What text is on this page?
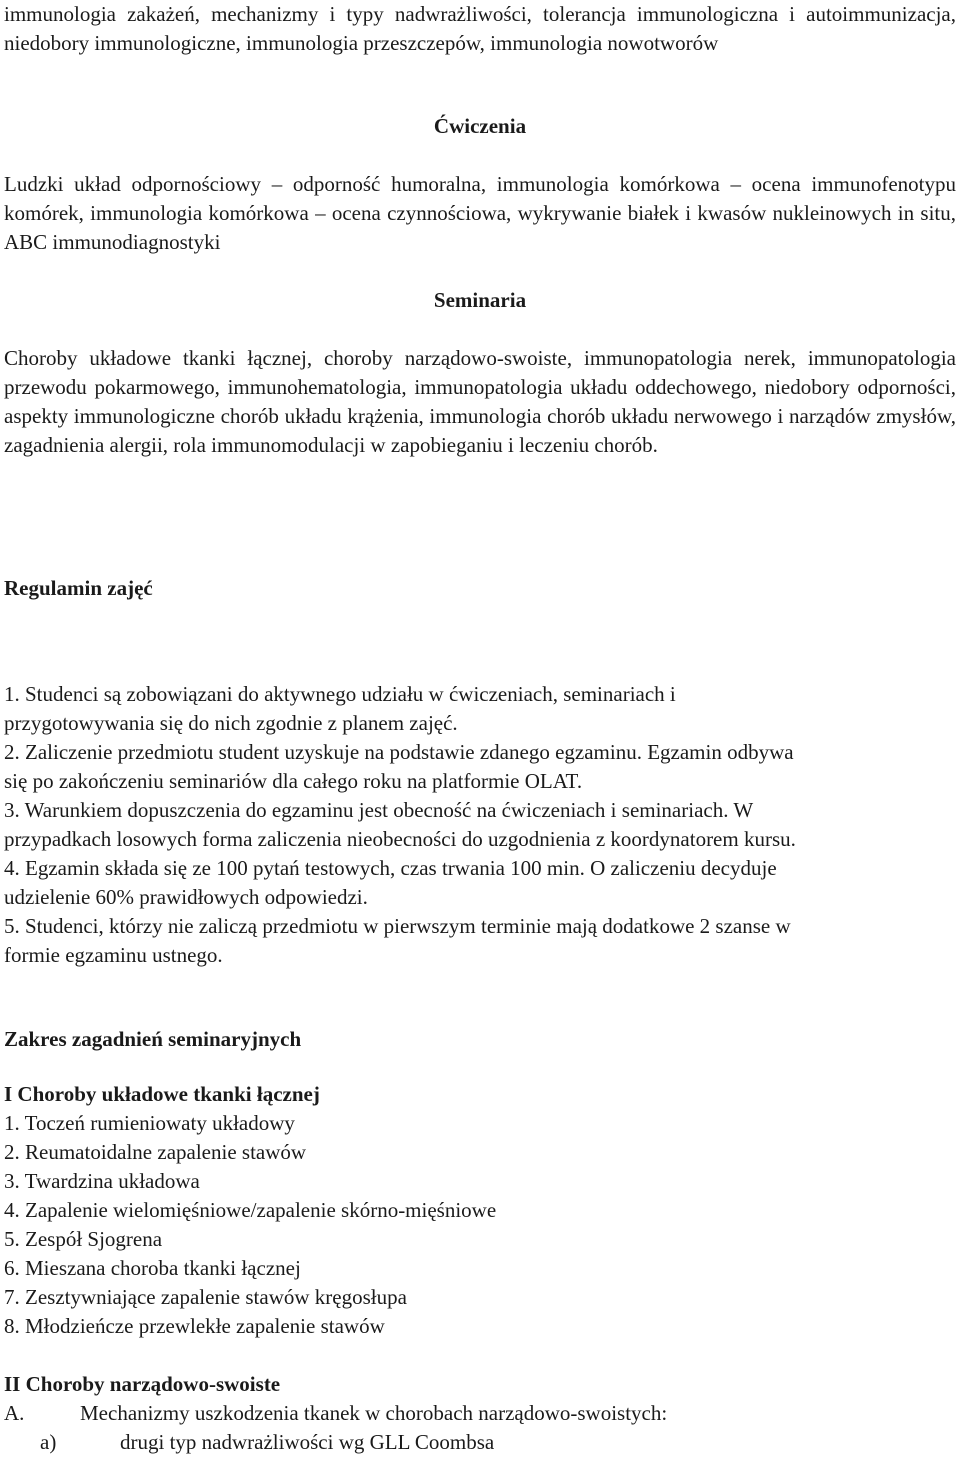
immunologia zakażeń, mechanizmy i typy nadwrażliwości, tolerancja immunologiczna i autoimmunizacja, niedobory immunologiczne, immunologia przeszczepów, immunologia nowotworów

Ćwiczenia

Ludzki układ odpornościowy – odporność humoralna, immunologia komórkowa – ocena immunofenotypu komórek, immunologia komórkowa – ocena czynnościowa, wykrywanie białek i kwasów nukleinowych in situ, ABC immunodiagnostyki

Seminaria

Choroby układowe tkanki łącznej, choroby narządowo-swoiste, immunopatologia nerek, immunopatologia przewodu pokarmowego, immunohematologia, immunopatologia układu oddechowego, niedobory odporności, aspekty immunologiczne chorób układu krążenia, immunologia chorób układu nerwowego i narządów zmysłów, zagadnienia alergii, rola immunomodulacji w zapobieganiu i leczeniu chorób.

Regulamin zajęć

1. Studenci są zobowiązani do aktywnego udziału w ćwiczeniach, seminariach i
przygotowywania się do nich zgodnie z planem zajęć.
2. Zaliczenie przedmiotu student uzyskuje na podstawie zdanego egzaminu. Egzamin odbywa
się po zakończeniu seminariów dla całego roku na platformie OLAT.
3. Warunkiem dopuszczenia do egzaminu jest obecność na ćwiczeniach i seminariach. W
przypadkach losowych forma zaliczenia nieobecności do uzgodnienia z koordynatorem kursu.
4. Egzamin składa się ze 100 pytań testowych, czas trwania 100 min. O zaliczeniu decyduje
udzielenie 60% prawidłowych odpowiedzi.
5. Studenci, którzy nie zaliczą przedmiotu w pierwszym terminie mają dodatkowe 2 szanse w
formie egzaminu ustnego.

Zakres zagadnień seminaryjnych

I Choroby układowe tkanki łącznej
1. Toczeń rumieniowaty układowy
2. Reumatoidalne zapalenie stawów
3. Twardzina układowa
4. Zapalenie wielomięśniowe/zapalenie skórno-mięśniowe
5. Zespół Sjogrena
6. Mieszana choroba tkanki łącznej
7. Zesztywniające zapalenie stawów kręgosłupa
8. Młodzieńcze przewlekłe zapalenie stawów
II Choroby narządowo-swoiste
A.	Mechanizmy uszkodzenia tkanek w chorobach narządowo-swoistych:
a)	drugi typ nadwrażliwości wg GLL Coombsa
